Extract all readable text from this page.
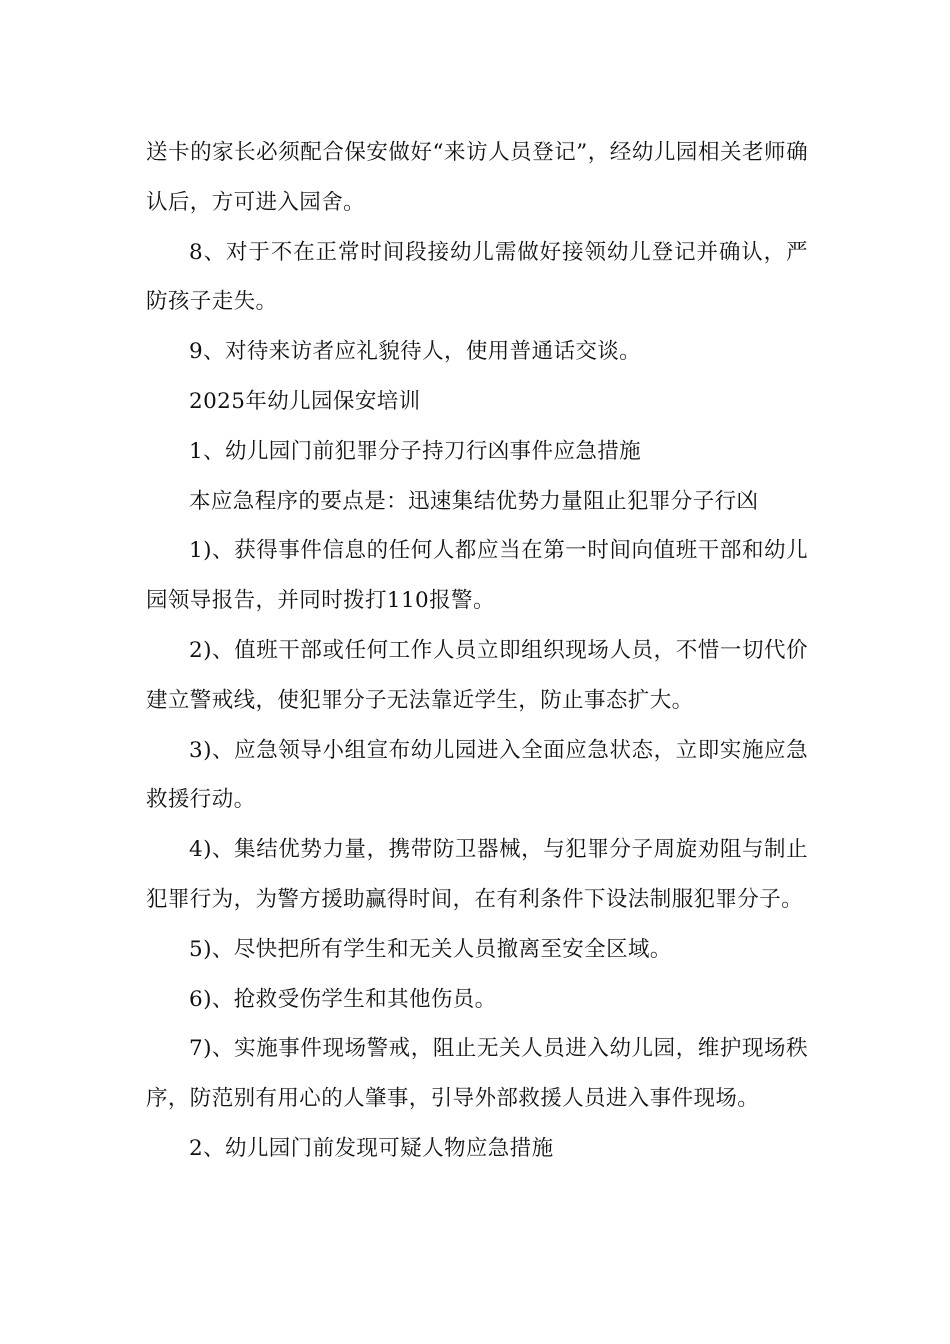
送卡的家长必须配合保安做好“来访人员登记”，经幼儿园相关老师确认后，方可进入园舍。

8、对于不在正常时间段接幼儿需做好接领幼儿登记并确认，严防孩子走失。

9、对待来访者应礼貌待人，使用普通话交谈。

2025年幼儿园保安培训

1、幼儿园门前犯罪分子持刀行凶事件应急措施

本应急程序的要点是：迅速集结优势力量阻止犯罪分子行凶

1)、获得事件信息的任何人都应当在第一时间向值班干部和幼儿园领导报告，并同时拨打110报警。

2)、值班干部或任何工作人员立即组织现场人员，不惜一切代价建立警戒线，使犯罪分子无法靠近学生，防止事态扩大。

3)、应急领导小组宣布幼儿园进入全面应急状态，立即实施应急救援行动。

4)、集结优势力量，携带防卫器械，与犯罪分子周旋劝阻与制止犯罪行为，为警方援助赢得时间，在有利条件下设法制服犯罪分子。

5)、尽快把所有学生和无关人员撤离至安全区域。

6)、抢救受伤学生和其他伤员。

7)、实施事件现场警戒，阻止无关人员进入幼儿园，维护现场秩序，防范别有用心的人肇事，引导外部救援人员进入事件现场。

2、幼儿园门前发现可疑人物应急措施
